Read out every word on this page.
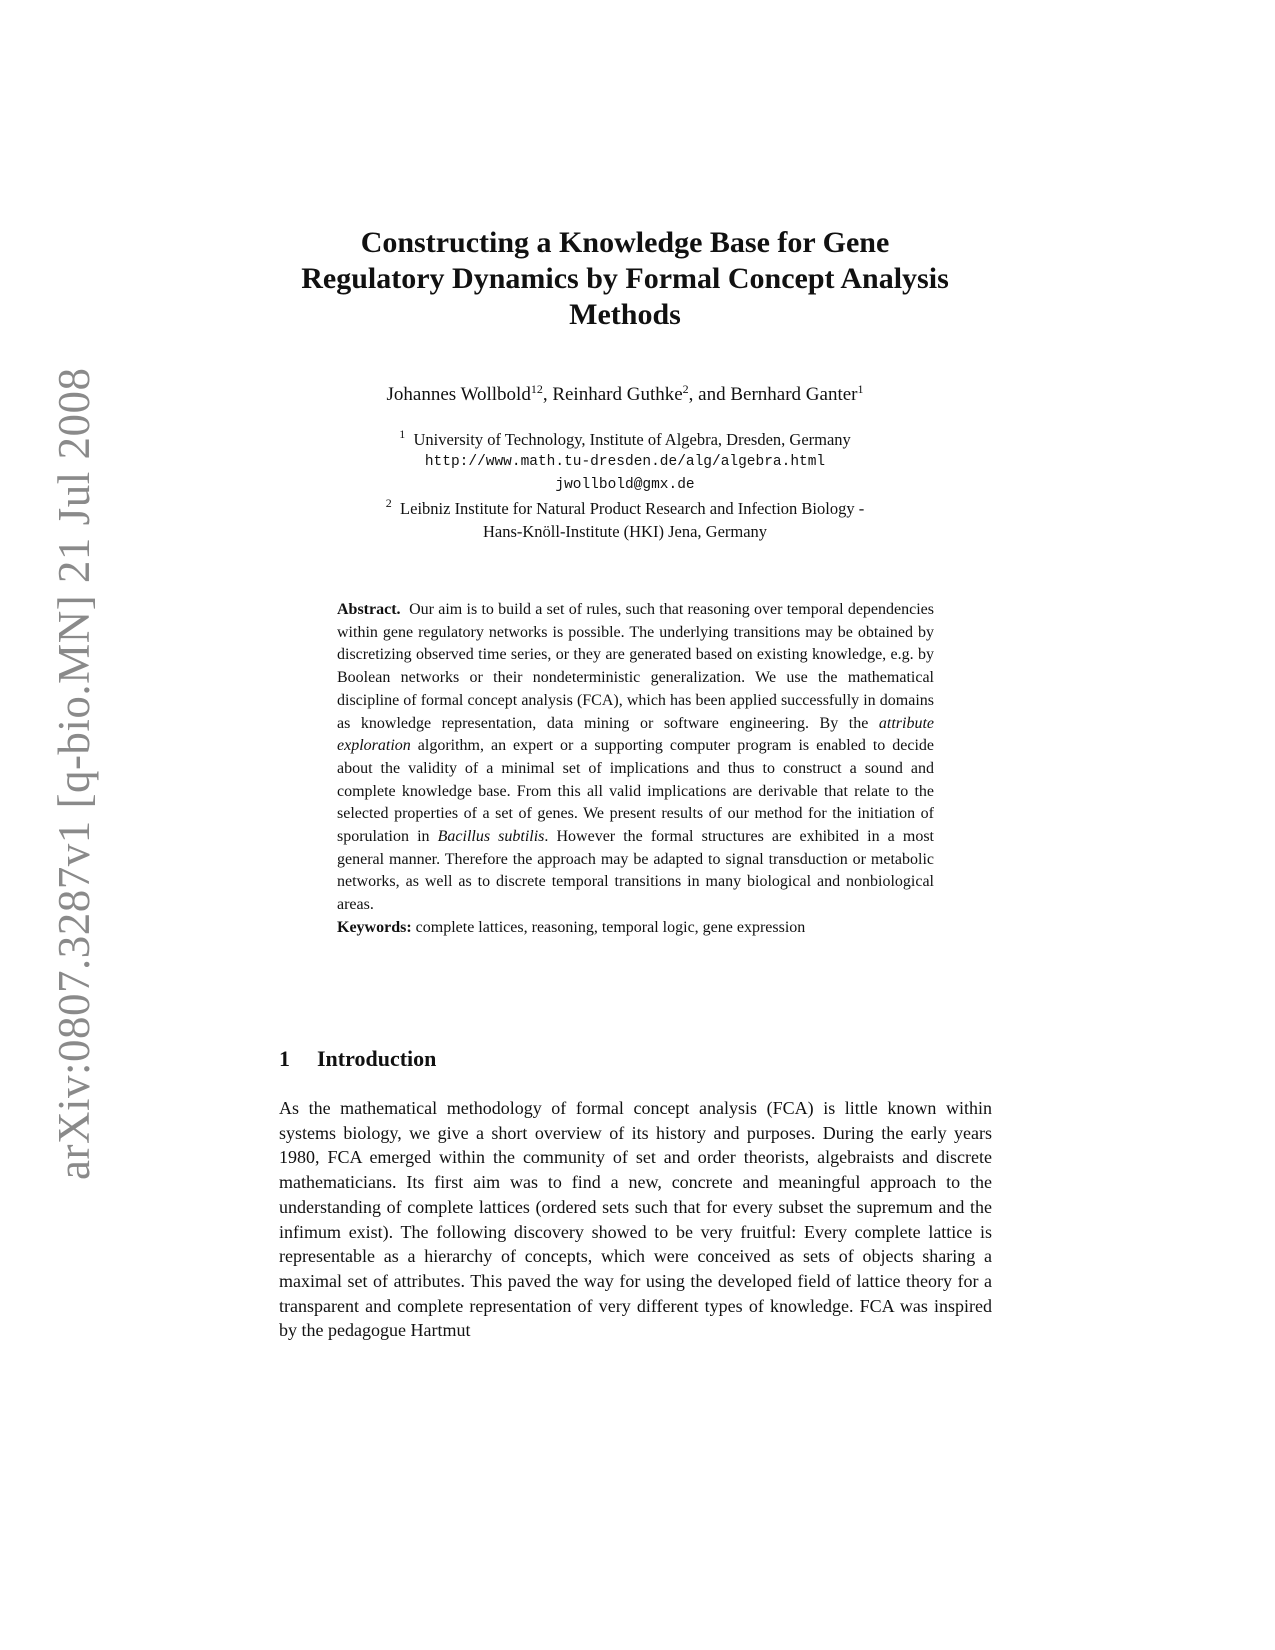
arXiv:0807.3287v1 [q-bio.MN] 21 Jul 2008
Constructing a Knowledge Base for Gene Regulatory Dynamics by Formal Concept Analysis Methods
Johannes Wollbold$^{12}$, Reinhard Guthke$^2$, and Bernhard Ganter$^1$
$^1$ University of Technology, Institute of Algebra, Dresden, Germany
http://www.math.tu-dresden.de/alg/algebra.html
jwollbold@gmx.de
$^2$ Leibniz Institute for Natural Product Research and Infection Biology -
Hans-Knöll-Institute (HKI) Jena, Germany

Abstract. Our aim is to build a set of rules, such that reasoning over temporal dependencies within gene regulatory networks is possible. The underlying transitions may be obtained by discretizing observed time series, or they are generated based on existing knowledge, e.g. by Boolean networks or their nondeterministic generalization. We use the mathematical discipline of formal concept analysis (FCA), which has been applied successfully in domains as knowledge representation, data mining or software engineering. By the attribute exploration algorithm, an expert or a supporting computer program is enabled to decide about the validity of a minimal set of implications and thus to construct a sound and complete knowledge base. From this all valid implications are derivable that relate to the selected properties of a set of genes. We present results of our method for the initiation of sporulation in Bacillus subtilis. However the formal structures are exhibited in a most general manner. Therefore the approach may be adapted to signal transduction or metabolic networks, as well as to discrete temporal transitions in many biological and nonbiological areas.

Keywords: complete lattices, reasoning, temporal logic, gene expression

1 Introduction

As the mathematical methodology of formal concept analysis (FCA) is little known within systems biology, we give a short overview of its history and purposes. During the early years 1980, FCA emerged within the community of set and order theorists, algebraists and discrete mathematicians. Its first aim was to find a new, concrete and meaningful approach to the understanding of complete lattices (ordered sets such that for every subset the supremum and the infimum exist). The following discovery showed to be very fruitful: Every complete lattice is representable as a hierarchy of concepts, which were conceived as sets of objects sharing a maximal set of attributes. This paved the way for using the developed field of lattice theory for a transparent and complete representation of very different types of knowledge. FCA was inspired by the pedagogue Hartmut
